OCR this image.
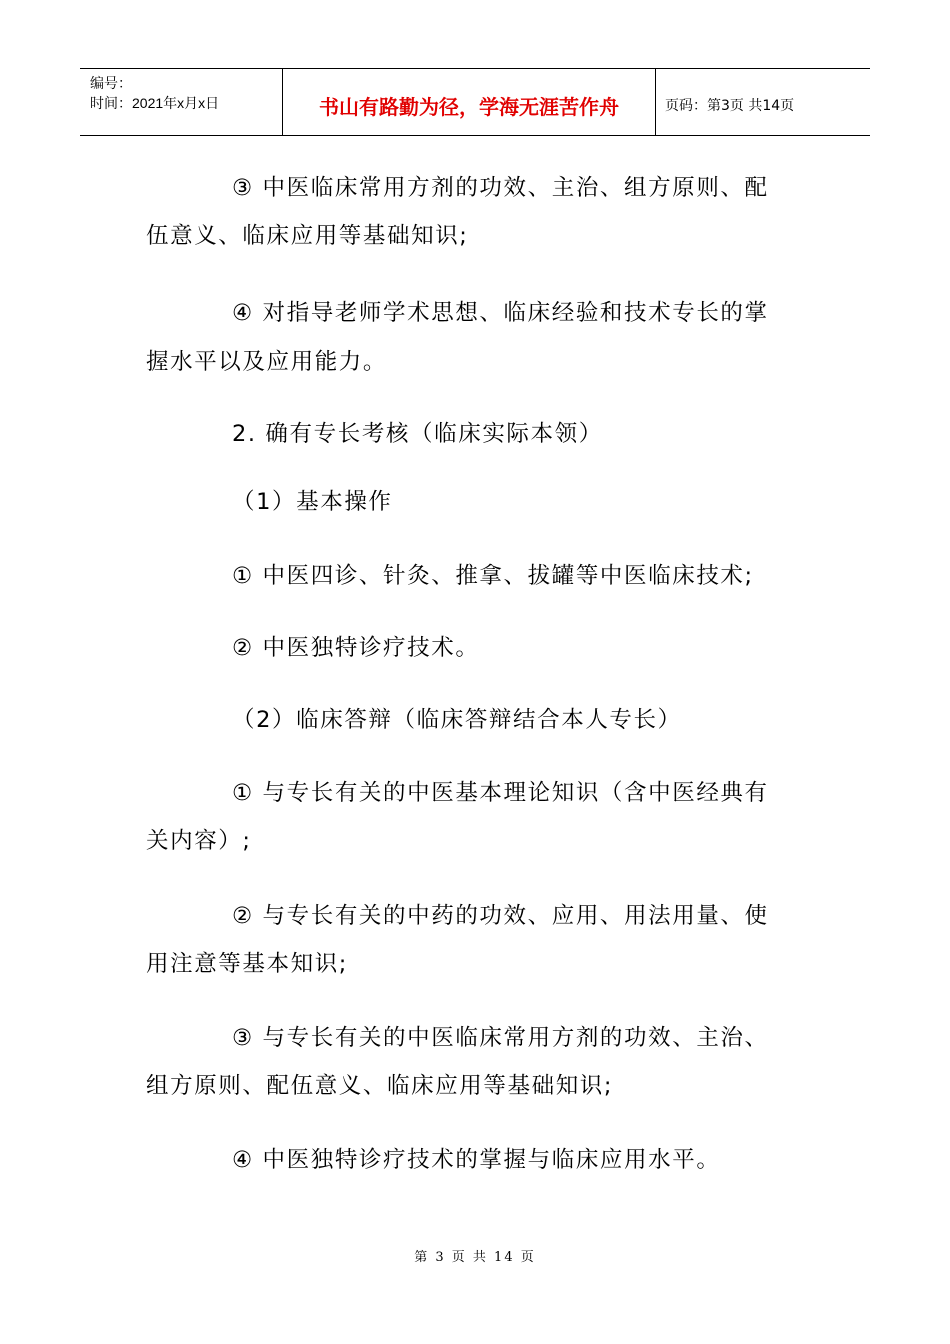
编号：
时间：2021年x月x日	书山有路勤为径，学海无涯苦作舟	页码：第3页 共14页

③ 中医临床常用方剂的功效、主治、组方原则、配

伍意义、临床应用等基础知识;

④ 对指导老师学术思想、临床经验和技术专长的掌

握水平以及应用能力。

2. 确有专长考核（临床实际本领）

（1）基本操作

① 中医四诊、针灸、推拿、拔罐等中医临床技术;

② 中医独特诊疗技术。

（2）临床答辩（临床答辩结合本人专长）

① 与专长有关的中医基本理论知识（含中医经典有

关内容）;

② 与专长有关的中药的功效、应用、用法用量、使

用注意等基本知识;

③ 与专长有关的中医临床常用方剂的功效、主治、

组方原则、配伍意义、临床应用等基础知识;

④ 中医独特诊疗技术的掌握与临床应用水平。

第 3 页 共 14 页
